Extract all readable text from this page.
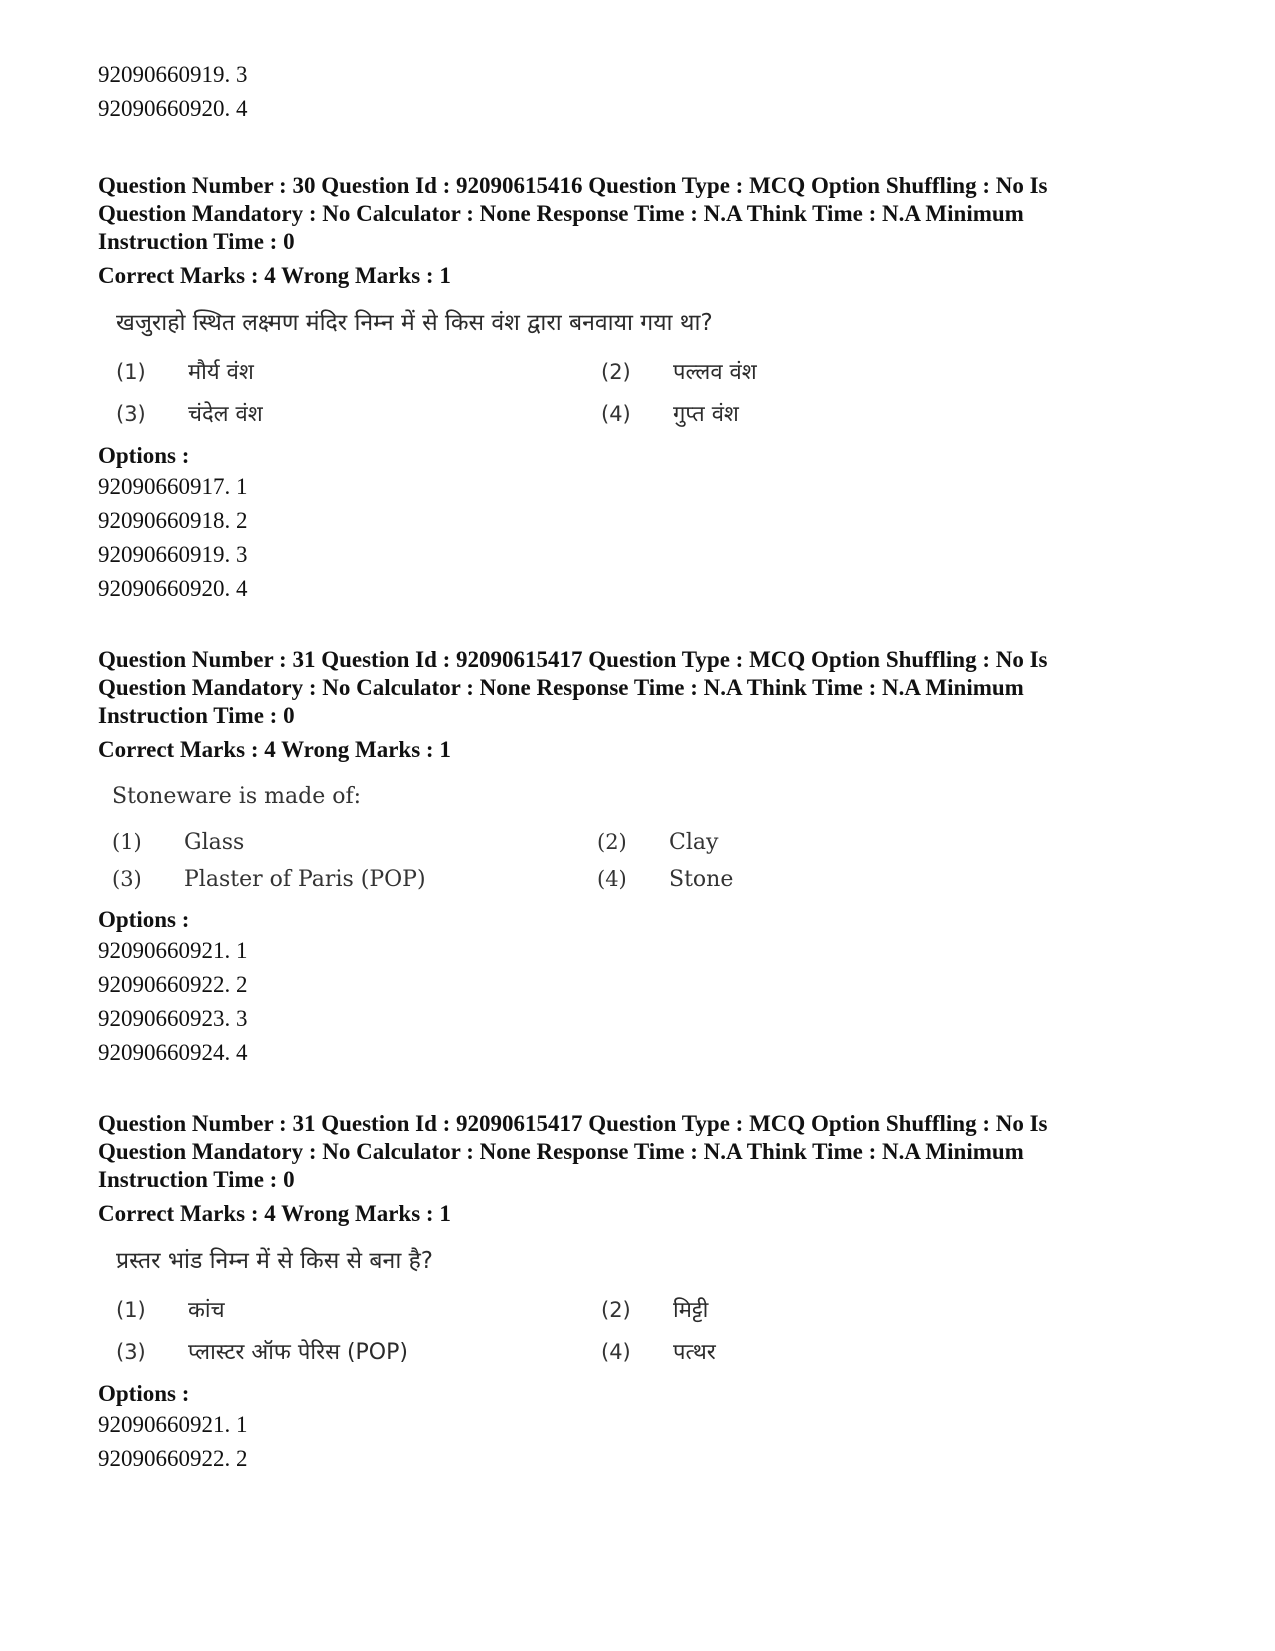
92090660919. 3
92090660920. 4
Question Number : 30 Question Id : 92090615416 Question Type : MCQ Option Shuffling : No Is
Question Mandatory : No Calculator : None Response Time : N.A Think Time : N.A Minimum
Instruction Time : 0
Correct Marks : 4 Wrong Marks : 1
खजुराहो स्थित लक्ष्मण मंदिर निम्न में से किस वंश द्वारा बनवाया गया था?
(1)	मौर्य वंश	(2)	पल्लव वंश
(3)	चंदेल वंश	(4)	गुप्त वंश
Options :
92090660917. 1
92090660918. 2
92090660919. 3
92090660920. 4
Question Number : 31 Question Id : 92090615417 Question Type : MCQ Option Shuffling : No Is
Question Mandatory : No Calculator : None Response Time : N.A Think Time : N.A Minimum
Instruction Time : 0
Correct Marks : 4 Wrong Marks : 1
Stoneware is made of:
(1)	Glass	(2)	Clay
(3)	Plaster of Paris (POP)	(4)	Stone
Options :
92090660921. 1
92090660922. 2
92090660923. 3
92090660924. 4
Question Number : 31 Question Id : 92090615417 Question Type : MCQ Option Shuffling : No Is
Question Mandatory : No Calculator : None Response Time : N.A Think Time : N.A Minimum
Instruction Time : 0
Correct Marks : 4 Wrong Marks : 1
प्रस्तर भांड निम्न में से किस से बना है?
(1)	कांच	(2)	मिट्टी
(3)	प्लास्टर ऑफ पेरिस (POP)	(4)	पत्थर
Options :
92090660921. 1
92090660922. 2
